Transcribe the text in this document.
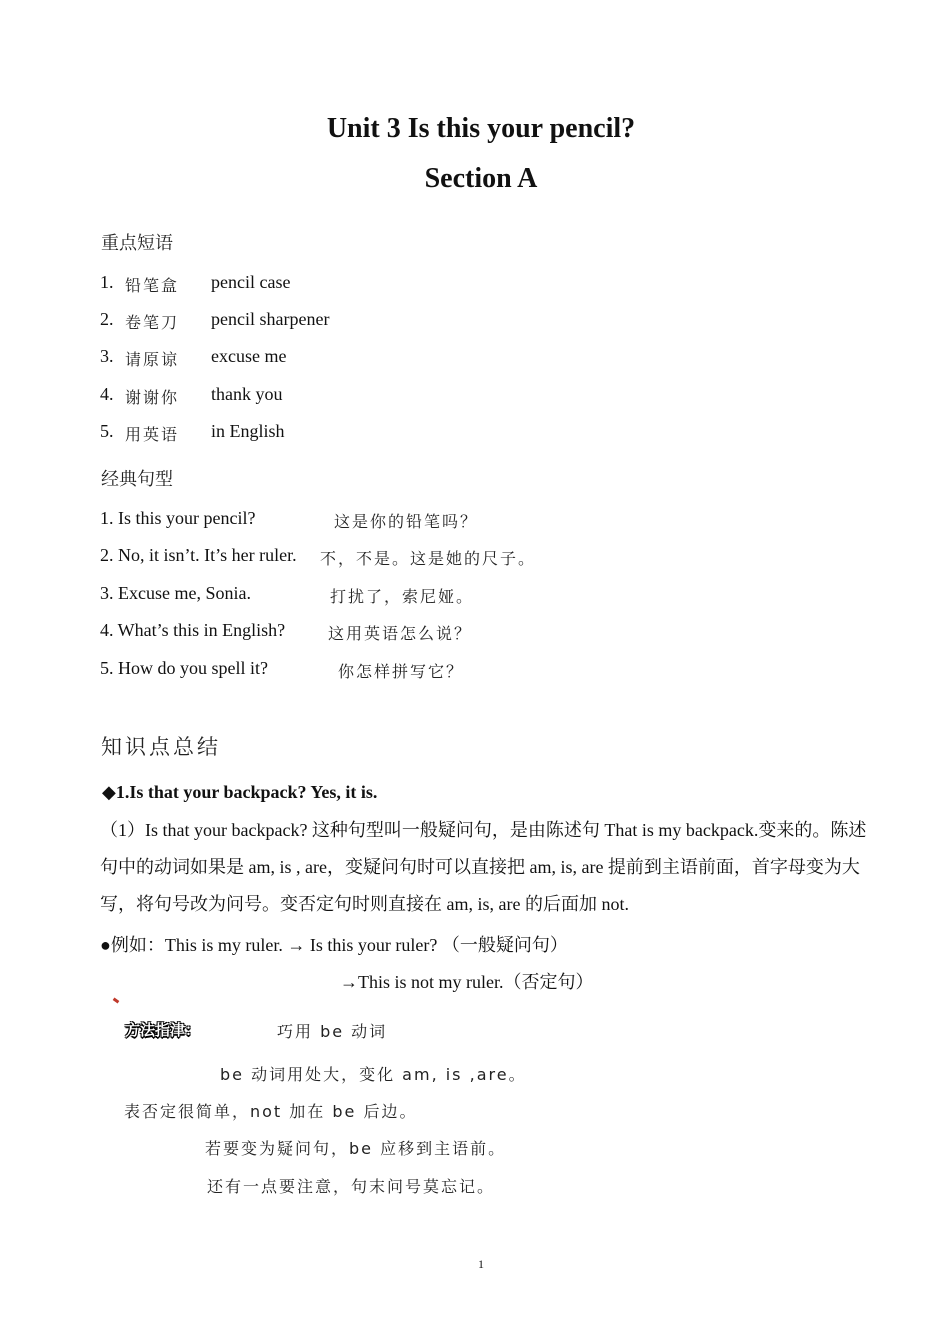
Unit 3 Is this your pencil?
Section A
重点短语
1. 铅笔盒 pencil case
2. 卷笔刀 pencil sharpener
3. 请原谅 excuse me
4. 谢谢你 thank you
5. 用英语 in English
经典句型
1. Is this your pencil?	这是你的铅笔吗？
2. No, it isn’t. It’s her ruler. 不，不是。这是她的尺子。
3. Excuse me, Sonia.	打扰了，索尼娅。
4. What’s this in English?	这用英语怎么说？
5. How do you spell it?	你怎样拼写它？
知识点总结
◆1.Is that your backpack? Yes, it is.
（1）Is that your backpack? 这种句型叫一般疑问句，是由陈述句 That is my backpack.变来的。陈述句中的动词如果是 am, is , are，变疑问句时可以直接把 am, is, are 提前到主语前面，首字母变为大写，将句号改为问号。变否定句时则直接在 am, is, are 的后面加 not.
●例如：This is my ruler. → Is this your ruler? （一般疑问句）
→This is not my ruler.（否定句）
方法指津：	巧用 be 动词
be 动词用处大，变化 am, is ,are。
表否定很简单，not 加在 be 后边。
若要变为疑问句，be 应移到主语前。
还有一点要注意，句末问号莫忘记。
1
